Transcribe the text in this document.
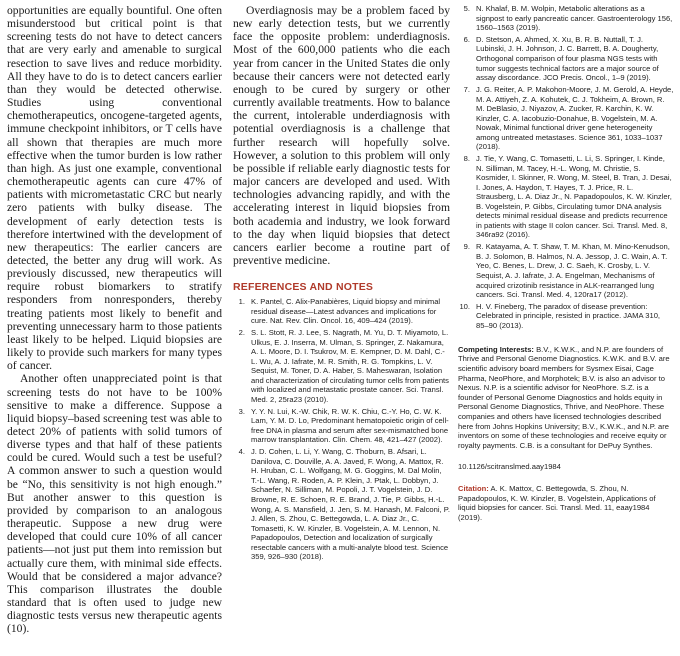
opportunities are equally bountiful. One often misunderstood but critical point is that screening tests do not have to detect cancers that are very early and amenable to surgical resection to save lives and reduce morbidity. All they have to do is to detect cancers earlier than they would be detected otherwise. Studies using conventional chemotherapeutics, oncogene-targeted agents, immune checkpoint inhibitors, or T cells have all shown that therapies are much more effective when the tumor burden is low rather than high. As just one example, conventional chemotherapeutic agents can cure 47% of patients with micrometastatic CRC but nearly zero patients with bulky disease. The development of early detection tests is therefore intertwined with the development of new therapeutics: The earlier cancers are detected, the better any drug will work. As previously discussed, new therapeutics will require robust biomarkers to stratify responders from nonresponders, thereby treating patients most likely to benefit and preventing unnecessary harm to those patients least likely to be helped. Liquid biopsies are likely to provide such markers for many types of cancer.

Another often unappreciated point is that screening tests do not have to be 100% sensitive to make a difference. Suppose a liquid biopsy–based screening test was able to detect 20% of patients with solid tumors of diverse types and that half of these patients could be cured. Would such a test be useful? A common answer to such a question would be “No, this sensitivity is not high enough.” But another answer to this question is provided by comparison to an analogous therapeutic. Suppose a new drug were developed that could cure 10% of all cancer patients—not just put them into remission but actually cure them, with minimal side effects. Would that be considered a major advance? This comparison illustrates the double standard that is often used to judge new diagnostic tests versus new therapeutic agents (10).

Overdiagnosis may be a problem faced by new early detection tests, but we currently face the opposite problem: underdiagnosis. Most of the 600,000 patients who die each year from cancer in the United States die only because their cancers were not detected early enough to be cured by surgery or other currently available treatments. How to balance the current, intolerable underdiagnosis with potential overdiagnosis is a challenge that further research will hopefully solve. However, a solution to this problem will only be possible if reliable early diagnostic tests for major cancers are developed and used. With technologies advancing rapidly, and with the accelerating interest in liquid biopsies from both academia and industry, we look forward to the day when liquid biopsies that detect cancers earlier become a routine part of preventive medicine.

REFERENCES AND NOTES
1. K. Pantel, C. Alix-Panabières, Liquid biopsy and minimal residual disease—Latest advances and implications for cure. Nat. Rev. Clin. Oncol. 16, 409–424 (2019).
2. S. L. Stott, R. J. Lee, S. Nagrath, M. Yu, D. T. Miyamoto, L. Ulkus, E. J. Inserra, M. Ulman, S. Springer, Z. Nakamura, A. L. Moore, D. I. Tsukrov, M. E. Kempner, D. M. Dahl, C.-L. Wu, A. J. Iafrate, M. R. Smith, R. G. Tompkins, L. V. Sequist, M. Toner, D. A. Haber, S. Maheswaran, Isolation and characterization of circulating tumor cells from patients with localized and metastatic prostate cancer. Sci. Transl. Med. 2, 25ra23 (2010).
3. Y. Y. N. Lui, K.-W. Chik, R. W. K. Chiu, C.-Y. Ho, C. W. K. Lam, Y. M. D. Lo, Predominant hematopoietic origin of cell-free DNA in plasma and serum after sex-mismatched bone marrow transplantation. Clin. Chem. 48, 421–427 (2002).
4. J. D. Cohen, L. Li, Y. Wang, C. Thoburn, B. Afsari, L. Danilova, C. Douville, A. A. Javed, F. Wong, A. Mattox, R. H. Hruban, C. L. Wolfgang, M. G. Goggins, M. Dal Molin, T.-L. Wang, R. Roden, A. P. Klein, J. Ptak, L. Dobbyn, J. Schaefer, N. Silliman, M. Popoli, J. T. Vogelstein, J. D. Browne, R. E. Schoen, R. E. Brand, J. Tie, P. Gibbs, H.-L. Wong, A. S. Mansfield, J. Jen, S. M. Hanash, M. Falconi, P. J. Allen, S. Zhou, C. Bettegowda, L. A. Diaz Jr., C. Tomasetti, K. W. Kinzler, B. Vogelstein, A. M. Lennon, N. Papadopoulos, Detection and localization of surgically resectable cancers with a multi-analyte blood test. Science 359, 926–930 (2018).
5. N. Khalaf, B. M. Wolpin, Metabolic alterations as a signpost to early pancreatic cancer. Gastroenterology 156, 1560–1563 (2019).
6. D. Stetson, A. Ahmed, X. Xu, B. R. B. Nuttall, T. J. Lubinski, J. H. Johnson, J. C. Barrett, B. A. Dougherty, Orthogonal comparison of four plasma NGS tests with tumor suggests technical factors are a major source of assay discordance. JCO Precis. Oncol., 1–9 (2019).
7. J. G. Reiter, A. P. Makohon-Moore, J. M. Gerold, A. Heyde, M. A. Attiyeh, Z. A. Kohutek, C. J. Tokheim, A. Brown, R. M. DeBlasio, J. Niyazov, A. Zucker, R. Karchin, K. W. Kinzler, C. A. Iacobuzio-Donahue, B. Vogelstein, M. A. Nowak, Minimal functional driver gene heterogeneity among untreated metastases. Science 361, 1033–1037 (2018).
8. J. Tie, Y. Wang, C. Tomasetti, L. Li, S. Springer, I. Kinde, N. Silliman, M. Tacey, H.-L. Wong, M. Christie, S. Kosmider, I. Skinner, R. Wong, M. Steel, B. Tran, J. Desai, I. Jones, A. Haydon, T. Hayes, T. J. Price, R. L. Strausberg, L. A. Diaz Jr., N. Papadopoulos, K. W. Kinzler, B. Vogelstein, P. Gibbs, Circulating tumor DNA analysis detects minimal residual disease and predicts recurrence in patients with stage II colon cancer. Sci. Transl. Med. 8, 346ra92 (2016).
9. R. Katayama, A. T. Shaw, T. M. Khan, M. Mino-Kenudson, B. J. Solomon, B. Halmos, N. A. Jessop, J. C. Wain, A. T. Yeo, C. Benes, L. Drew, J. C. Saeh, K. Crosby, L. V. Sequist, A. J. Iafrate, J. A. Engelman, Mechanisms of acquired crizotinib resistance in ALK-rearranged lung cancers. Sci. Transl. Med. 4, 120ra17 (2012).
10. H. V. Fineberg, The paradox of disease prevention: Celebrated in principle, resisted in practice. JAMA 310, 85–90 (2013).

Competing Interests: B.V., K.W.K., and N.P. are founders of Thrive and Personal Genome Diagnostics. K.W.K. and B.V. are scientific advisory board members for Sysmex Eisai, Cage Pharma, NeoPhore, and Morphotek; B.V. is also an advisor to Nexus. N.P. is a scientific advisor for NeoPhore. S.Z. is a founder of Personal Genome Diagnostics and holds equity in Personal Genome Diagnostics, Thrive, and NeoPhore. These companies and others have licensed technologies described here from Johns Hopkins University; B.V., K.W.K., and N.P. are inventors on some of these technologies and receive equity or royalty payments. C.B. is a consultant for DePuy Synthes.

10.1126/scitranslmed.aay1984

Citation: A. K. Mattox, C. Bettegowda, S. Zhou, N. Papadopoulos, K. W. Kinzler, B. Vogelstein, Applications of liquid biopsies for cancer. Sci. Transl. Med. 11, eaay1984 (2019).
